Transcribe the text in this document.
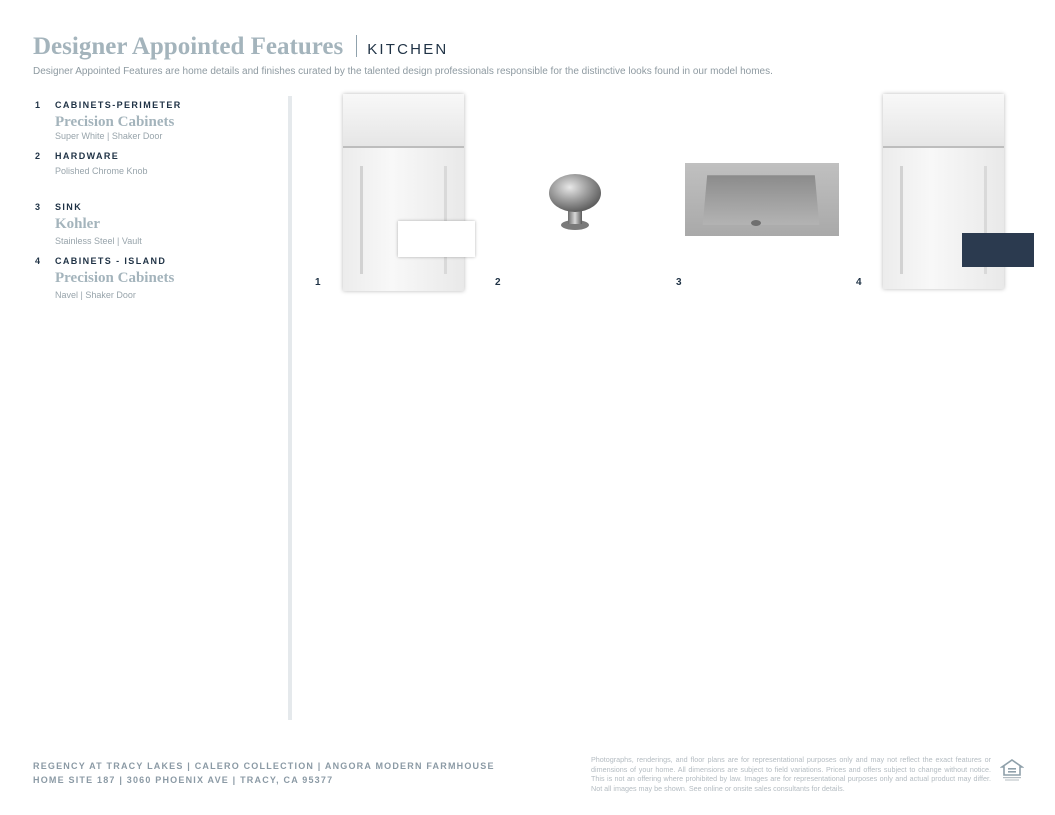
Designer Appointed Features KITCHEN
Designer Appointed Features are home details and finishes curated by the talented design professionals responsible for the distinctive looks found in our model homes.
1 CABINETS-PERIMETER
Precision Cabinets
Super White | Shaker Door
2 HARDWARE
Polished Chrome Knob
3 SINK
Kohler
Stainless Steel | Vault
4 CABINETS - ISLAND
Precision Cabinets
Navel | Shaker Door
1	2	3	4
REGENCY AT TRACY LAKES | CALERO COLLECTION | ANGORA MODERN FARMHOUSE
HOME SITE 187 | 3060 PHOENIX AVE | TRACY, CA 95377
Photographs, renderings, and floor plans are for representational purposes only and may not reflect the exact features or dimensions of your home. All dimensions are subject to field variations. Prices and offers subject to change without notice. This is not an offering where prohibited by law. Images are for representational purposes only and actual product may differ. Not all images may be shown. See online or onsite sales consultants for details.
